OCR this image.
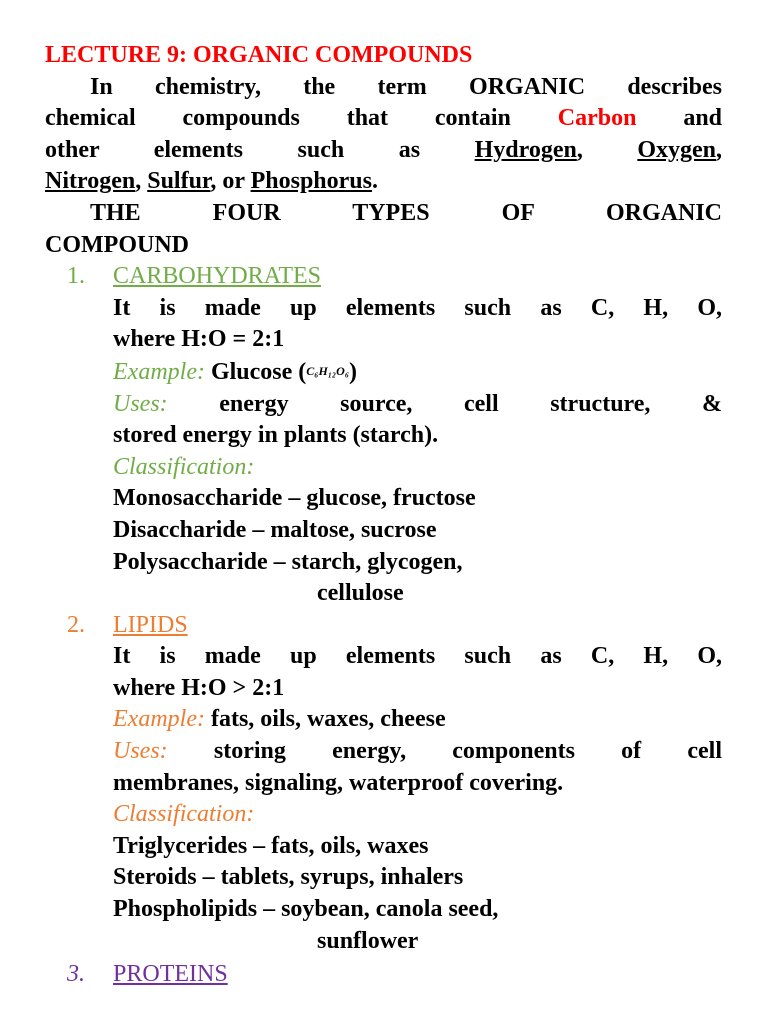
LECTURE 9: ORGANIC COMPOUNDS
In chemistry, the term ORGANIC describes
chemical compounds that contain Carbon and
other elements such as Hydrogen, Oxygen,
Nitrogen, Sulfur, or Phosphorus.
THE FOUR TYPES OF ORGANIC
COMPOUND
1. CARBOHYDRATES
It is made up elements such as C, H, O,
where H:O = 2:1
Example: Glucose (C₆H₁₂O₆)
Uses: energy source, cell structure, &
stored energy in plants (starch).
Classification:
Monosaccharide – glucose, fructose
Disaccharide – maltose, sucrose
Polysaccharide – starch, glycogen,
cellulose
2. LIPIDS
It is made up elements such as C, H, O,
where H:O > 2:1
Example: fats, oils, waxes, cheese
Uses: storing energy, components of cell
membranes, signaling, waterproof covering.
Classification:
Triglycerides – fats, oils, waxes
Steroids – tablets, syrups, inhalers
Phospholipids – soybean, canola seed,
sunflower
3. PROTEINS
